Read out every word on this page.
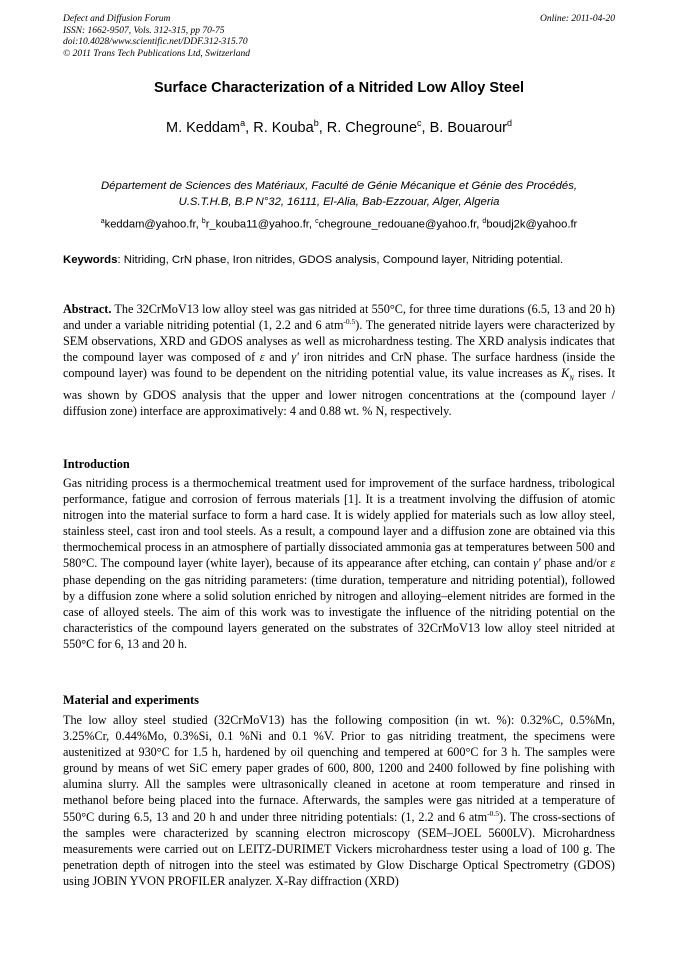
Defect and Diffusion Forum
ISSN: 1662-9507, Vols. 312-315, pp 70-75
doi:10.4028/www.scientific.net/DDF.312-315.70
© 2011 Trans Tech Publications Ltd, Switzerland
Online: 2011-04-20
Surface Characterization of a Nitrided Low Alloy Steel
M. Keddam$^a$, R. Kouba$^b$, R. Chegroune$^c$, B. Bouarour$^d$
Département de Sciences des Matériaux, Faculté de Génie Mécanique et Génie des Procédés,
U.S.T.H.B, B.P N°32, 16111, El-Alia, Bab-Ezzouar, Alger, Algeria
$^a$keddam@yahoo.fr, $^b$r_kouba11@yahoo.fr, $^c$chegroune_redouane@yahoo.fr, $^d$boudj2k@yahoo.fr
Keywords: Nitriding, CrN phase, Iron nitrides, GDOS analysis, Compound layer, Nitriding potential.
Abstract. The 32CrMoV13 low alloy steel was gas nitrided at 550°C, for three time durations (6.5, 13 and 20 h) and under a variable nitriding potential (1, 2.2 and 6 atm$^{-0.5}$). The generated nitride layers were characterized by SEM observations, XRD and GDOS analyses as well as microhardness testing. The XRD analysis indicates that the compound layer was composed of ε and γ′ iron nitrides and CrN phase. The surface hardness (inside the compound layer) was found to be dependent on the nitriding potential value, its value increases as $K_N$ rises. It was shown by GDOS analysis that the upper and lower nitrogen concentrations at the (compound layer / diffusion zone) interface are approximatively: 4 and 0.88 wt. % N, respectively.
Introduction
Gas nitriding process is a thermochemical treatment used for improvement of the surface hardness, tribological performance, fatigue and corrosion of ferrous materials [1]. It is a treatment involving the diffusion of atomic nitrogen into the material surface to form a hard case. It is widely applied for materials such as low alloy steel, stainless steel, cast iron and tool steels. As a result, a compound layer and a diffusion zone are obtained via this thermochemical process in an atmosphere of partially dissociated ammonia gas at temperatures between 500 and 580°C. The compound layer (white layer), because of its appearance after etching, can contain γ′ phase and/or ε phase depending on the gas nitriding parameters: (time duration, temperature and nitriding potential), followed by a diffusion zone where a solid solution enriched by nitrogen and alloying–element nitrides are formed in the case of alloyed steels. The aim of this work was to investigate the influence of the nitriding potential on the characteristics of the compound layers generated on the substrates of 32CrMoV13 low alloy steel nitrided at 550°C for 6, 13 and 20 h.
Material and experiments
The low alloy steel studied (32CrMoV13) has the following composition (in wt. %): 0.32%C, 0.5%Mn, 3.25%Cr, 0.44%Mo, 0.3%Si, 0.1 %Ni and 0.1 %V. Prior to gas nitriding treatment, the specimens were austenitized at 930°C for 1.5 h, hardened by oil quenching and tempered at 600°C for 3 h. The samples were ground by means of wet SiC emery paper grades of 600, 800, 1200 and 2400 followed by fine polishing with alumina slurry. All the samples were ultrasonically cleaned in acetone at room temperature and rinsed in methanol before being placed into the furnace. Afterwards, the samples were gas nitrided at a temperature of 550°C during 6.5, 13 and 20 h and under three nitriding potentials: (1, 2.2 and 6 atm$^{-0.5}$). The cross-sections of the samples were characterized by scanning electron microscopy (SEM–JOEL 5600LV). Microhardness measurements were carried out on LEITZ-DURIMET Vickers microhardness tester using a load of 100 g. The penetration depth of nitrogen into the steel was estimated by Glow Discharge Optical Spectrometry (GDOS) using JOBIN YVON PROFILER analyzer. X-Ray diffraction (XRD)
